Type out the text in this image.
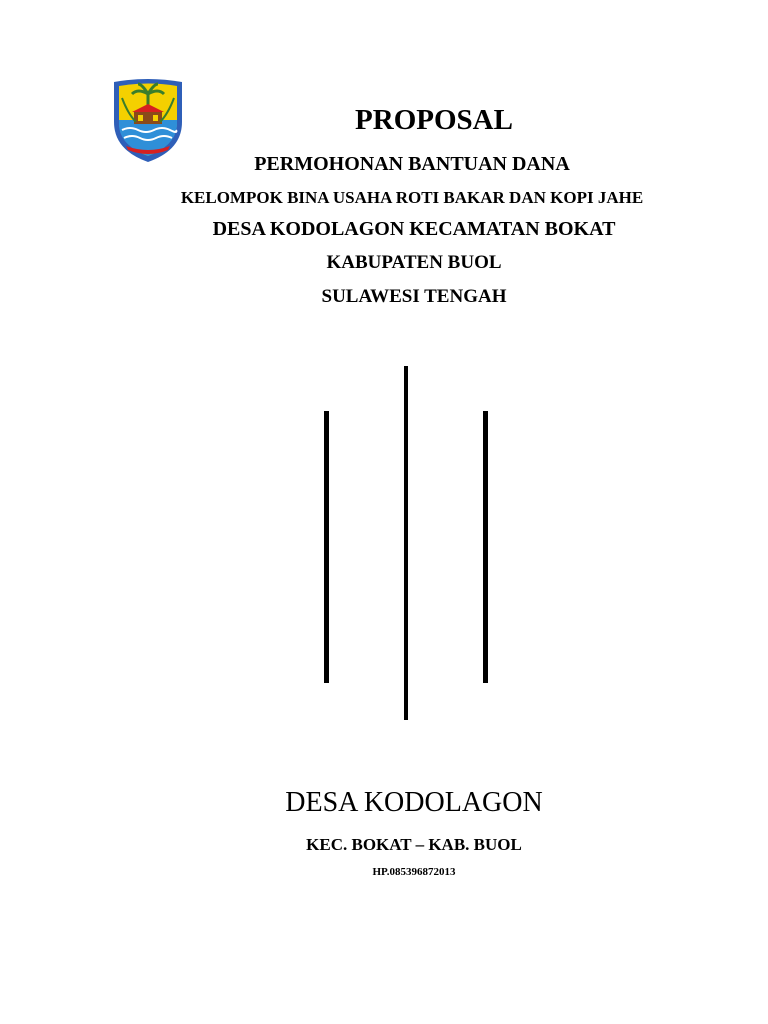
PROPOSAL
PERMOHONAN BANTUAN DANA
KELOMPOK BINA USAHA ROTI BAKAR DAN KOPI JAHE
DESA KODOLAGON KECAMATAN BOKAT
KABUPATEN BUOL
SULAWESI TENGAH
DESA KODOLAGON
KEC. BOKAT – KAB. BUOL
HP.085396872013
